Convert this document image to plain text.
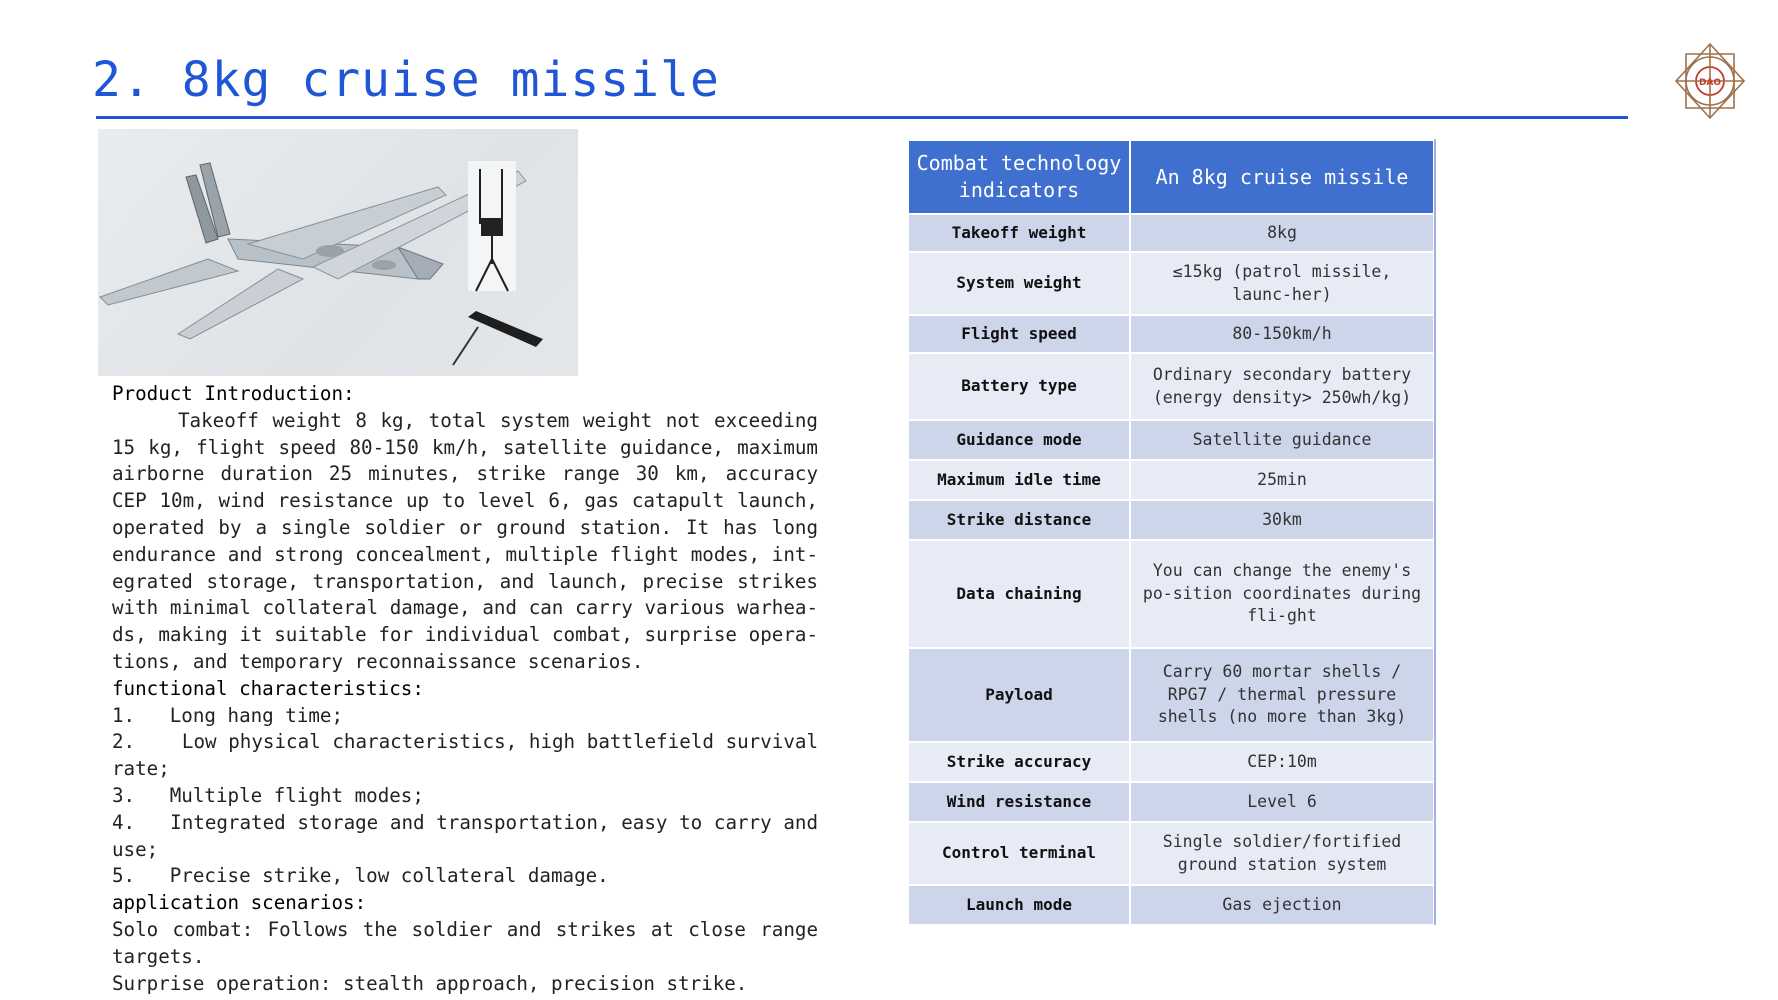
2. 8kg cruise missile	DAO

Product Introduction:

Takeoff weight 8 kg, total system weight not exceeding 15 kg, flight speed 80-150 km/h, satellite guidance, maximum airborne duration 25 minutes, strike range 30 km, accuracy CEP 10m, wind resistance up to level 6, gas catapult launch, operated by a single soldier or ground station. It has long endurance and strong concealment, multiple flight modes, int-egrated storage, transportation, and launch, precise strikes with minimal collateral damage, and can carry various warhea-ds, making it suitable for individual combat, surprise opera-tions, and temporary reconnaissance scenarios.

functional characteristics:

1.   Long hang time;
2.    Low physical characteristics, high battlefield survival rate;
3.   Multiple flight modes;
4.   Integrated storage and transportation, easy to carry and use;
5.   Precise strike, low collateral damage.

application scenarios:

Solo combat: Follows the soldier and strikes at close range targets.

Surprise operation: stealth approach, precision strike.

Combat technology indicators	An 8kg cruise missile
Takeoff weight	8kg
System weight	≤15kg (patrol missile, launc-her)
Flight speed	80-150km/h
Battery type	Ordinary secondary battery (energy density> 250wh/kg)
Guidance mode	Satellite guidance
Maximum idle time	25min
Strike distance	30km
Data chaining	You can change the enemy's po-sition coordinates during fli-ght
Payload	Carry 60 mortar shells / RPG7 / thermal pressure shells (no more than 3kg)
Strike accuracy	CEP:10m
Wind resistance	Level 6
Control terminal	Single soldier/fortified ground station system
Launch mode	Gas ejection
